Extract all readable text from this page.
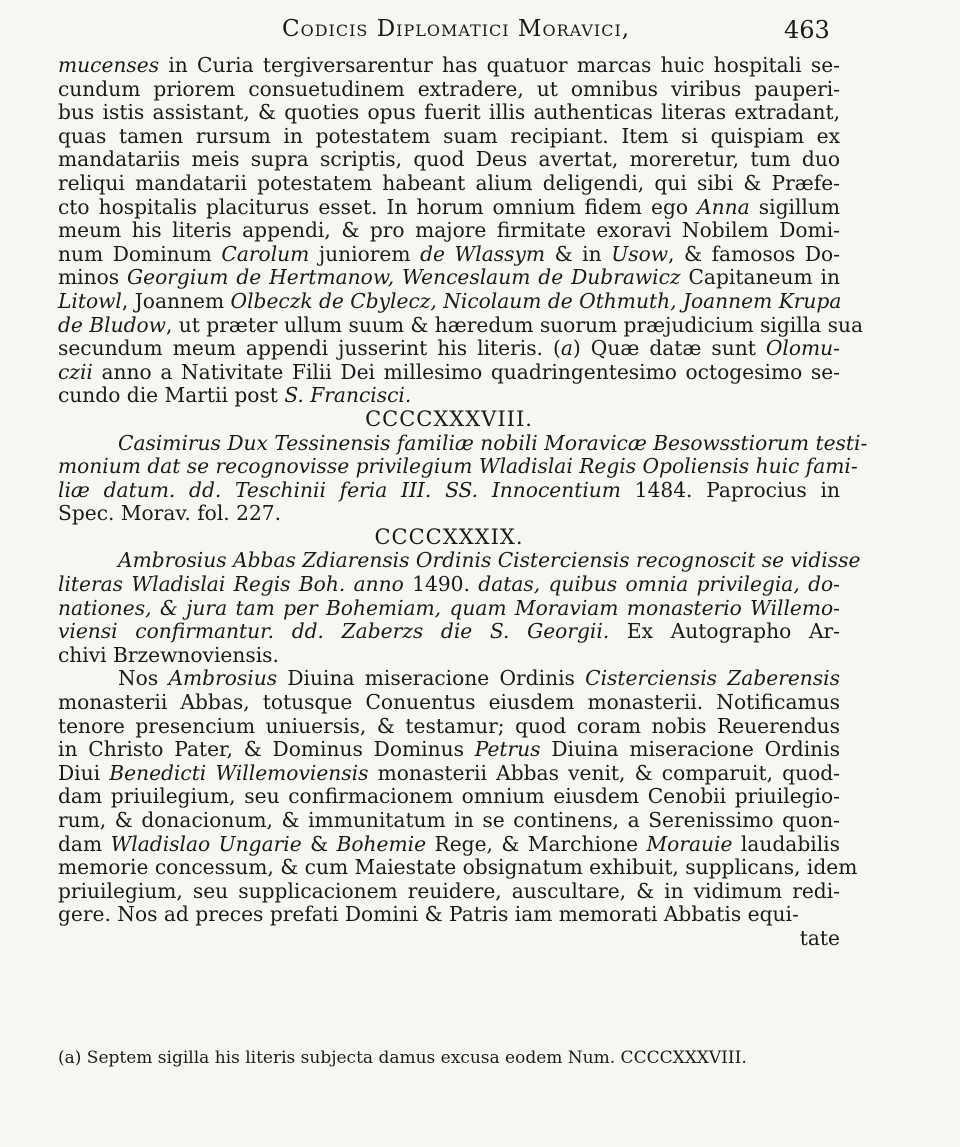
Codicis Diplomatici Moravici,	463
mucenses in Curia tergiversarentur has quatuor marcas huic hospitali se-
cundum priorem consuetudinem extradere, ut omnibus viribus pauperi-
bus istis assistant, & quoties opus fuerit illis authenticas literas extradant,
quas tamen rursum in potestatem suam recipiant. Item si quispiam ex
mandatariis meis supra scriptis, quod Deus avertat, moreretur, tum duo
reliqui mandatarii potestatem habeant alium deligendi, qui sibi & Præfe-
cto hospitalis placiturus esset. In horum omnium fidem ego Anna sigillum
meum his literis appendi, & pro majore firmitate exoravi Nobilem Domi-
num Dominum Carolum juniorem de Wlassym & in Usow, & famosos Do-
minos Georgium de Hertmanow, Wenceslaum de Dubrawicz Capitaneum in
Litowl, Joannem Olbeczk de Cbylecz, Nicolaum de Othmuth, Joannem Krupa
de Bludow, ut præter ullum suum & hæredum suorum præjudicium sigilla sua
secundum meum appendi jusserint his literis. (a) Quæ datæ sunt Olomu-
czii anno a Nativitate Filii Dei millesimo quadringentesimo octogesimo se-
cundo die Martii post S. Francisci.
CCCCXXXVIII.
Casimirus Dux Tessinensis familiæ nobili Moravicæ Besowsstiorum testi-
monium dat se recognovisse privilegium Wladislai Regis Opoliensis huic fami-
liæ datum. dd. Teschinii feria III. SS. Innocentium 1484. Paprocius in
Spec. Morav. fol. 227.
CCCCXXXIX.
Ambrosius Abbas Zdiarensis Ordinis Cisterciensis recognoscit se vidisse
literas Wladislai Regis Boh. anno 1490. datas, quibus omnia privilegia, do-
nationes, & jura tam per Bohemiam, quam Moraviam monasterio Willemo-
viensi confirmantur. dd. Zaberzs die S. Georgii. Ex Autographo Ar-
chivi Brzewnoviensis.
Nos Ambrosius Diuina miseracione Ordinis Cisterciensis Zaberensis
monasterii Abbas, totusque Conuentus eiusdem monasterii. Notificamus
tenore presencium uniuersis, & testamur; quod coram nobis Reuerendus
in Christo Pater, & Dominus Dominus Petrus Diuina miseracione Ordinis
Diui Benedicti Willemoviensis monasterii Abbas venit, & comparuit, quod-
dam priuilegium, seu confirmacionem omnium eiusdem Cenobii priuilegio-
rum, & donacionum, & immunitatum in se continens, a Serenissimo quon-
dam Wladislao Ungarie & Bohemie Rege, & Marchione Morauie laudabilis
memorie concessum, & cum Maiestate obsignatum exhibuit, supplicans, idem
priuilegium, seu supplicacionem reuidere, auscultare, & in vidimum redi-
gere. Nos ad preces prefati Domini & Patris iam memorati Abbatis equi-
tate
(a) Septem sigilla his literis subjecta damus excusa eodem Num. CCCCXXXVIII.
